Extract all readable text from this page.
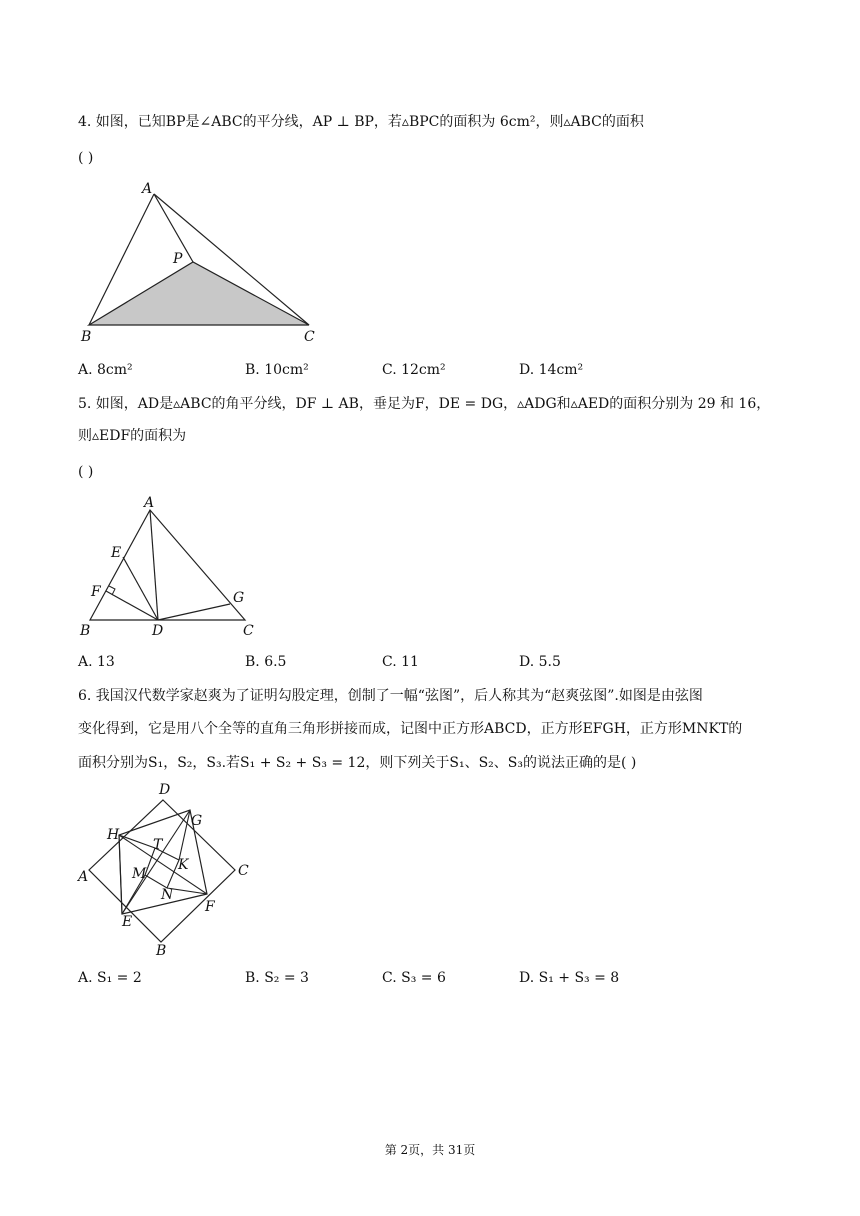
4. 如图，已知BP是∠ABC的平分线，AP ⊥ BP，若▵BPC的面积为 6cm²，则▵ABC的面积
( )
A
P
B	C
A. 8cm²	B. 10cm²	C. 12cm²	D. 14cm²
5. 如图，AD是▵ABC的角平分线，DF ⊥ AB，垂足为F，DE = DG，▵ADG和▵AED的面积分别为 29 和 16，
则▵EDF的面积为
( )
A
E
F	G
B	D	C
A. 13	B. 6.5	C. 11	D. 5.5
6. 我国汉代数学家赵爽为了证明勾股定理，创制了一幅“弦图”，后人称其为“赵爽弦图”.如图是由弦图
变化得到，它是用八个全等的直角三角形拼接而成，记图中正方形ABCD，正方形EFGH，正方形MNKT的
面积分别为S₁，S₂，S₃.若S₁ + S₂ + S₃ = 12，则下列关于S₁、S₂、S₃的说法正确的是( )
D
G
H
T
K	C
A	M
N
F
E
B
A. S₁ = 2	B. S₂ = 3	C. S₃ = 6	D. S₁ + S₃ = 8
第 2页，共 31页
